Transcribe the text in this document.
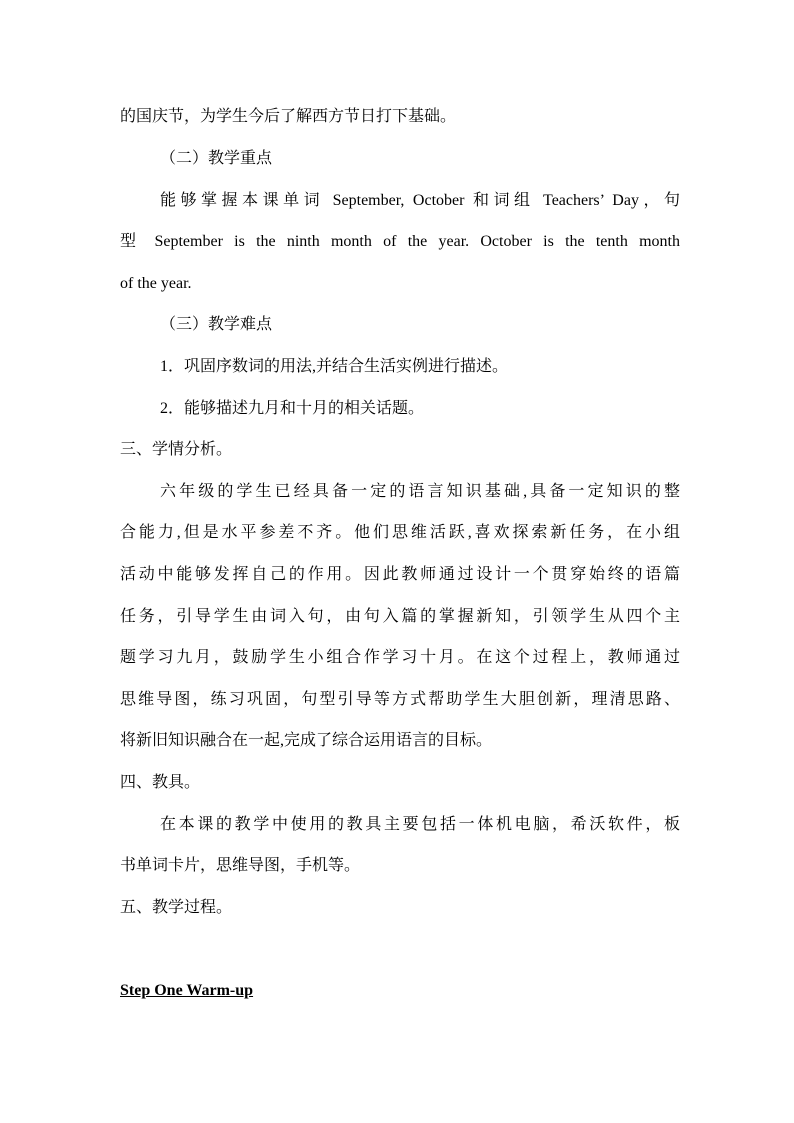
的国庆节，为学生今后了解西方节日打下基础。
（二）教学重点
能够掌握本课单词 September, October 和词组 Teachers’ Day，句
型 September is the ninth month of the year. October is the tenth month
of the year.
（三）教学难点
1．巩固序数词的用法,并结合生活实例进行描述。
2．能够描述九月和十月的相关话题。
三、学情分析。
六年级的学生已经具备一定的语言知识基础,具备一定知识的整
合能力,但是水平参差不齐。他们思维活跃,喜欢探索新任务，在小组
活动中能够发挥自己的作用。因此教师通过设计一个贯穿始终的语篇
任务，引导学生由词入句，由句入篇的掌握新知，引领学生从四个主
题学习九月，鼓励学生小组合作学习十月。在这个过程上，教师通过
思维导图，练习巩固，句型引导等方式帮助学生大胆创新，理清思路、
将新旧知识融合在一起,完成了综合运用语言的目标。
四、教具。
在本课的教学中使用的教具主要包括一体机电脑，希沃软件，板
书单词卡片，思维导图，手机等。
五、教学过程。
Step One Warm-up
